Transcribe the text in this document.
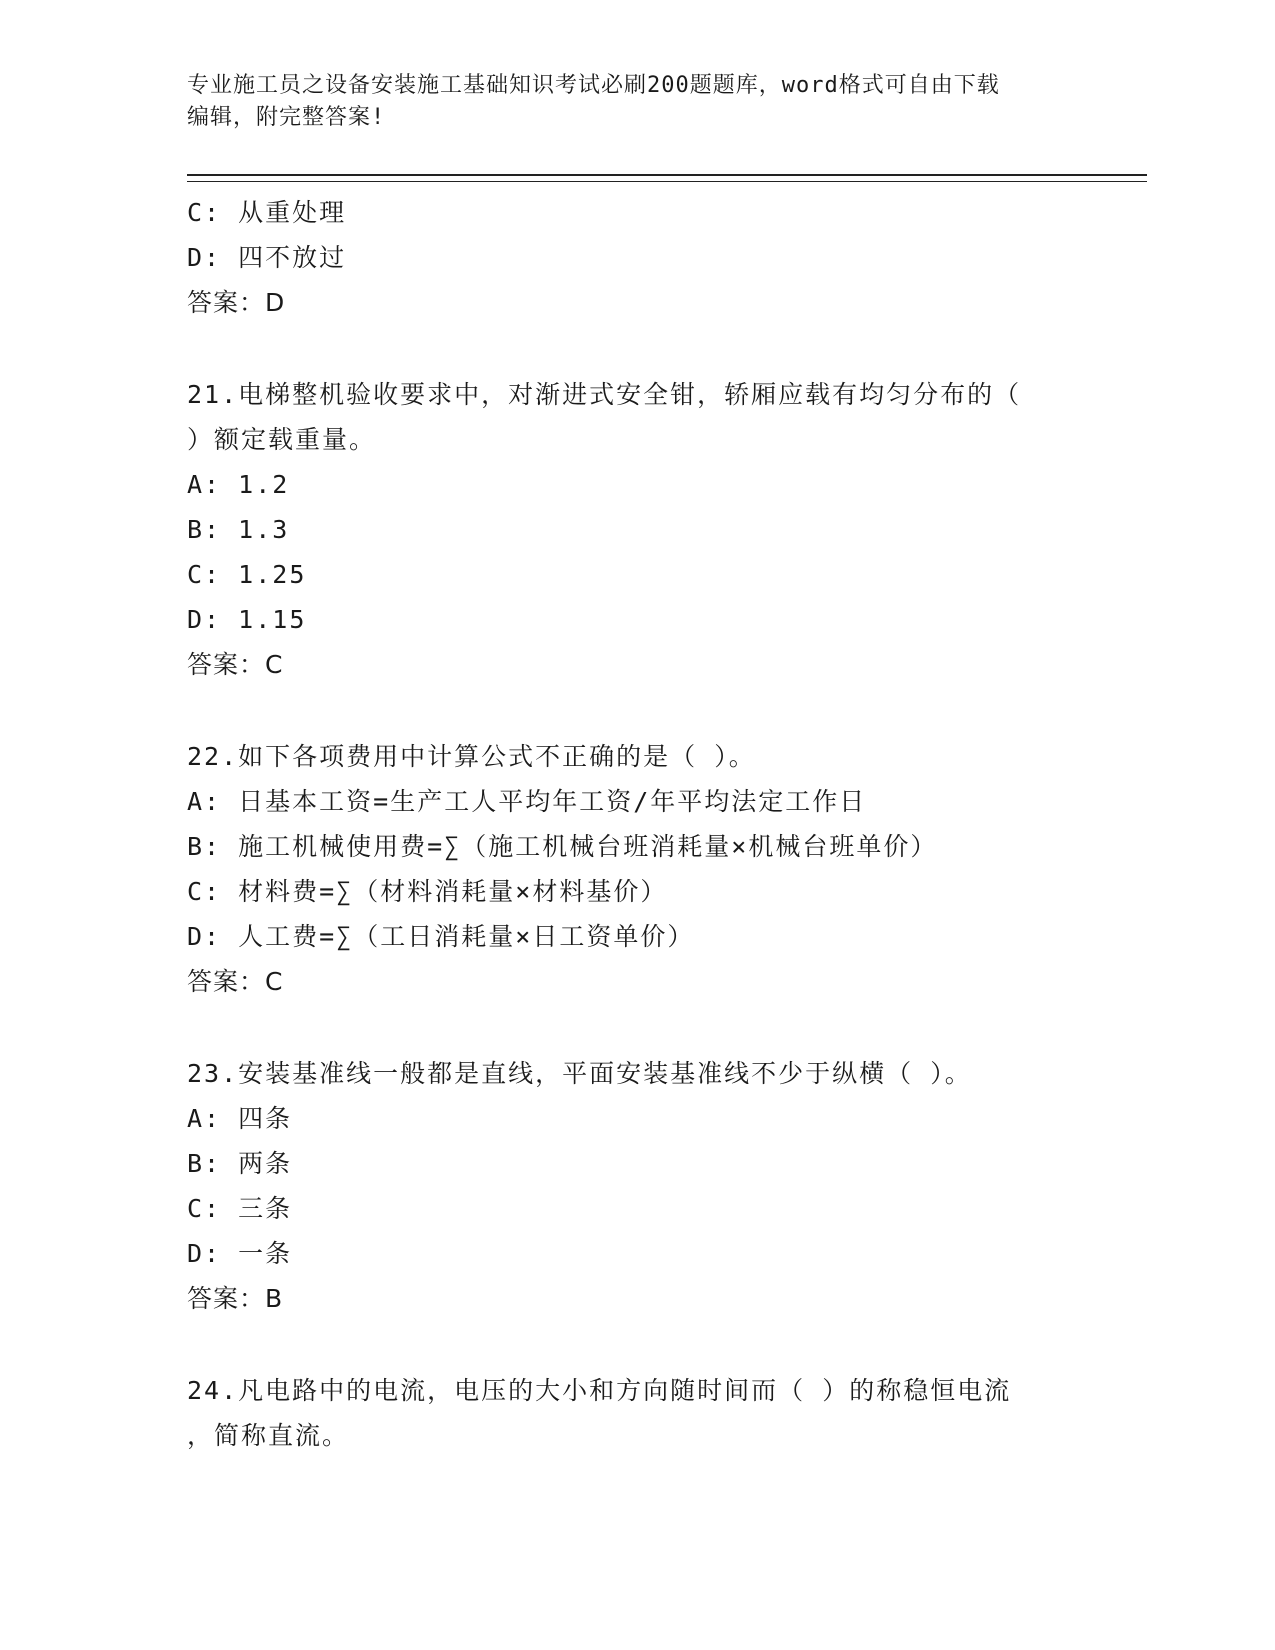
专业施工员之设备安装施工基础知识考试必刷200题题库，word格式可自由下载
编辑，附完整答案!
C: 从重处理
D: 四不放过
答案：D
21.电梯整机验收要求中，对渐进式安全钳，轿厢应载有均匀分布的（
）额定载重量。
A: 1.2
B: 1.3
C: 1.25
D: 1.15
答案：C
22.如下各项费用中计算公式不正确的是（ ）。
A: 日基本工资=生产工人平均年工资/年平均法定工作日
B: 施工机械使用费=∑（施工机械台班消耗量×机械台班单价）
C: 材料费=∑（材料消耗量×材料基价）
D: 人工费=∑（工日消耗量×日工资单价）
答案：C
23.安装基准线一般都是直线，平面安装基准线不少于纵横（ ）。
A: 四条
B: 两条
C: 三条
D: 一条
答案：B
24.凡电路中的电流，电压的大小和方向随时间而（ ）的称稳恒电流
，简称直流。
